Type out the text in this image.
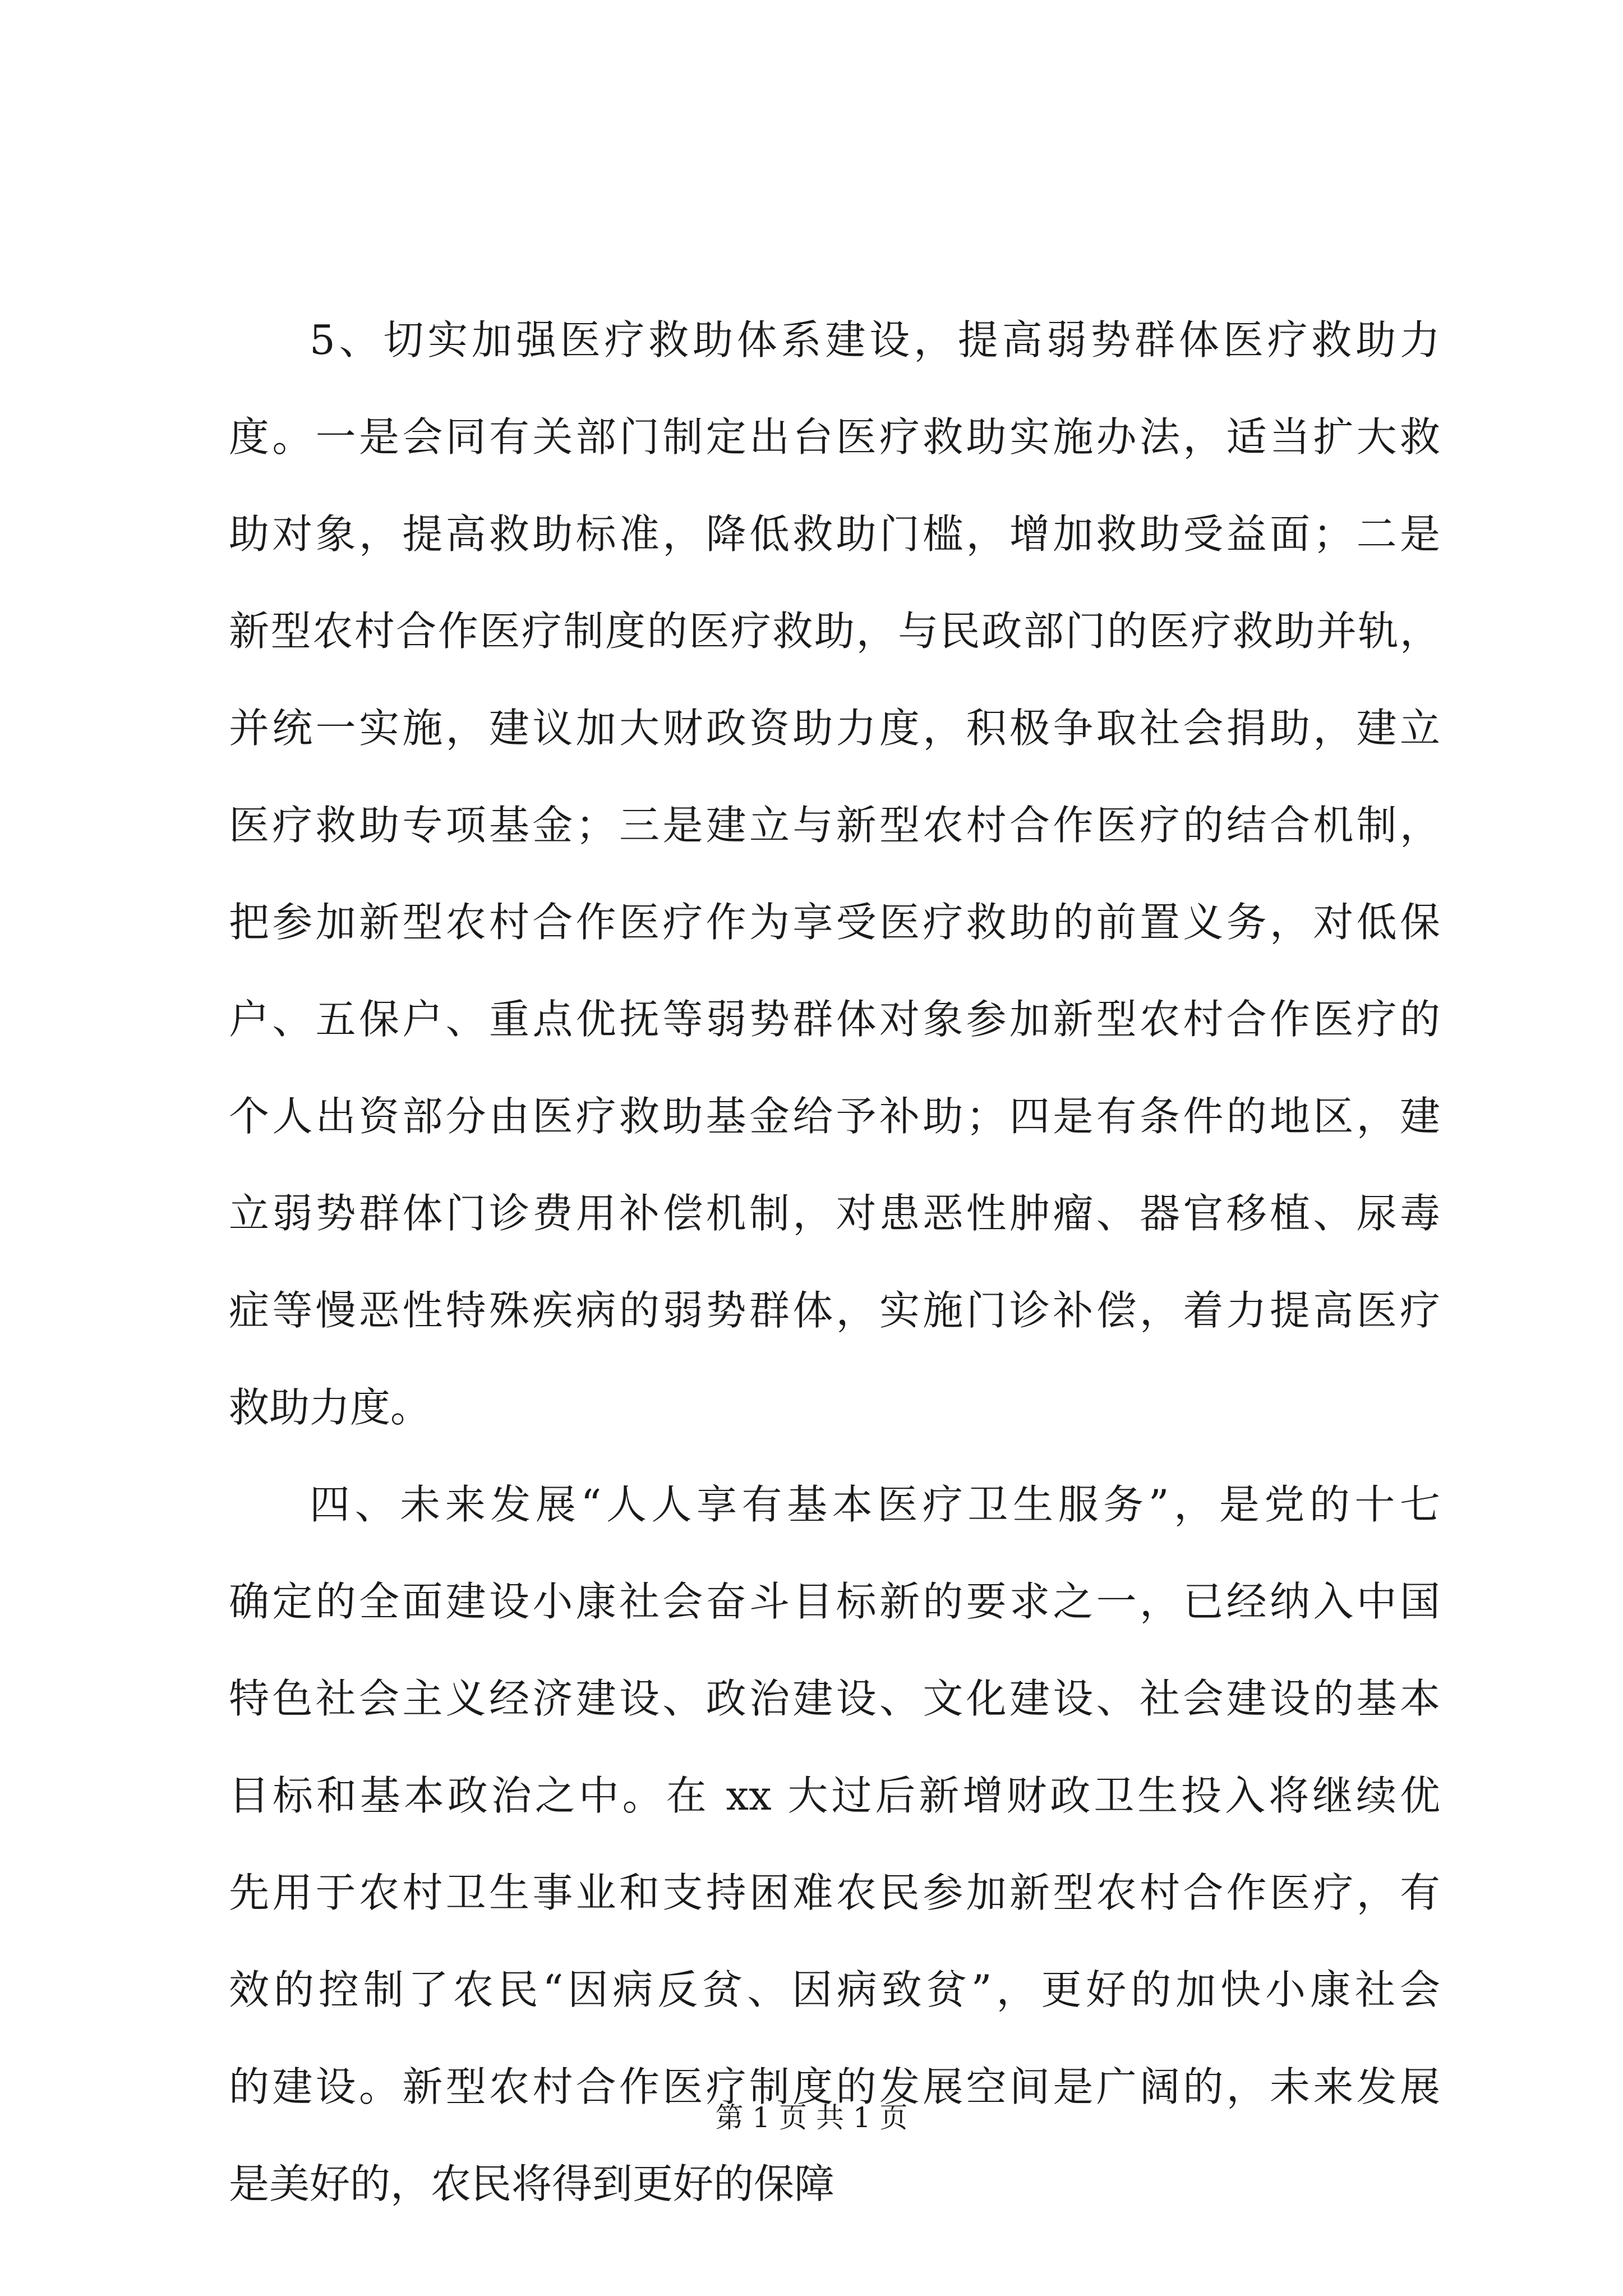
5、切实加强医疗救助体系建设，提高弱势群体医疗救助力
度。一是会同有关部门制定出台医疗救助实施办法，适当扩大救
助对象，提高救助标准，降低救助门槛，增加救助受益面；二是
新型农村合作医疗制度的医疗救助，与民政部门的医疗救助并轨，
并统一实施，建议加大财政资助力度，积极争取社会捐助，建立
医疗救助专项基金；三是建立与新型农村合作医疗的结合机制，
把参加新型农村合作医疗作为享受医疗救助的前置义务，对低保
户、五保户、重点优抚等弱势群体对象参加新型农村合作医疗的
个人出资部分由医疗救助基金给予补助；四是有条件的地区，建
立弱势群体门诊费用补偿机制，对患恶性肿瘤、器官移植、尿毒
症等慢恶性特殊疾病的弱势群体，实施门诊补偿，着力提高医疗
救助力度。
四、未来发展“人人享有基本医疗卫生服务”，是党的十七
确定的全面建设小康社会奋斗目标新的要求之一，已经纳入中国
特色社会主义经济建设、政治建设、文化建设、社会建设的基本
目标和基本政治之中。在 xx 大过后新增财政卫生投入将继续优
先用于农村卫生事业和支持困难农民参加新型农村合作医疗，有
效的控制了农民“因病反贫、因病致贫”，更好的加快小康社会
的建设。新型农村合作医疗制度的发展空间是广阔的，未来发展
是美好的，农民将得到更好的保障
第 1 页 共 1 页
